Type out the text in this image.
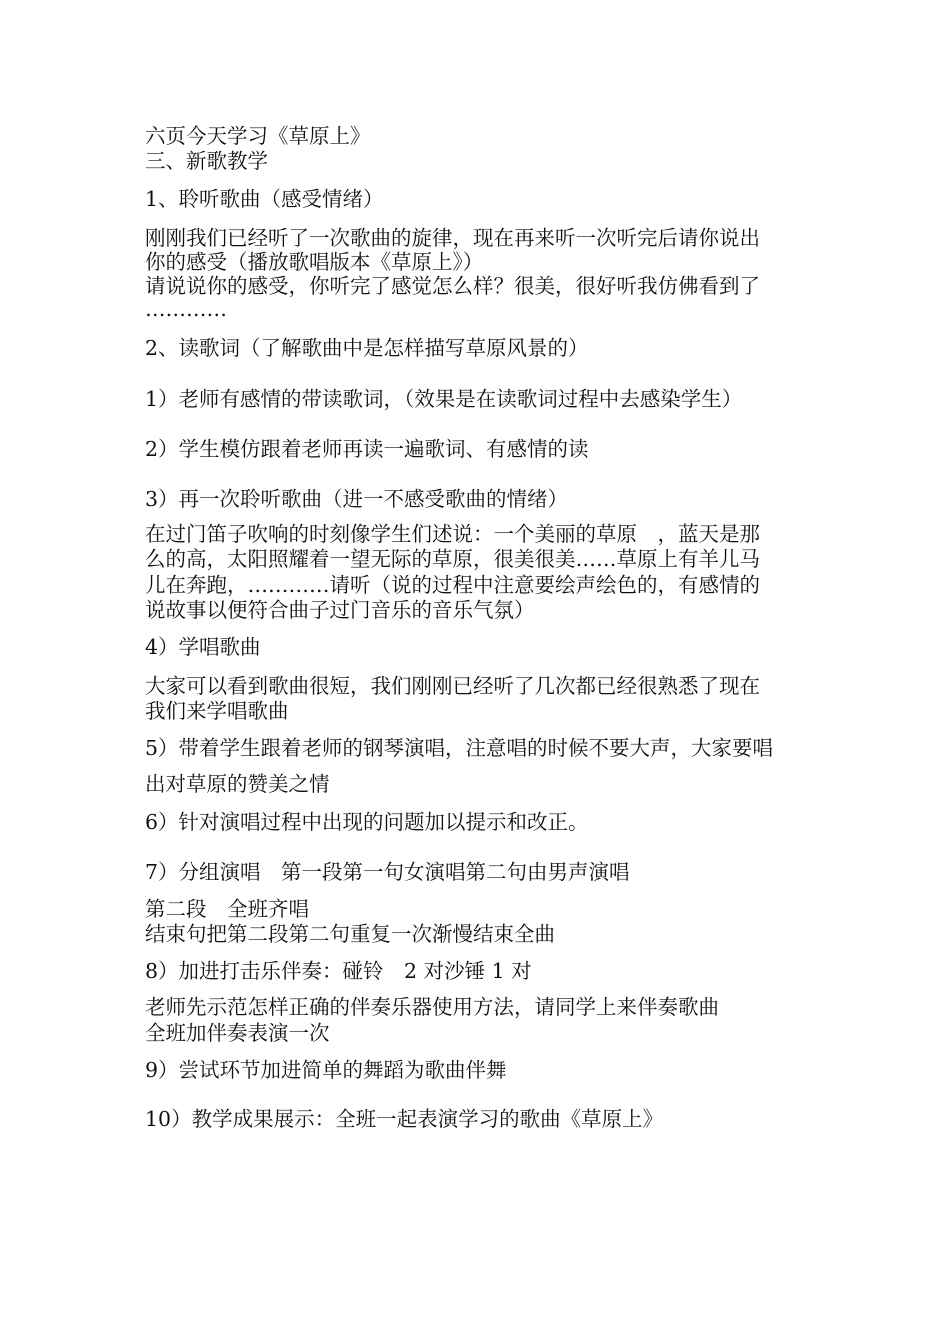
六页今天学习《草原上》
三、新歌教学
1、聆听歌曲（感受情绪）
刚刚我们已经听了一次歌曲的旋律，现在再来听一次听完后请你说出
你的感受（播放歌唱版本《草原上》）
请说说你的感受，你听完了感觉怎么样？很美，很好听我仿佛看到了
…………
2、读歌词（了解歌曲中是怎样描写草原风景的）
1）老师有感情的带读歌词，（效果是在读歌词过程中去感染学生）
2）学生模仿跟着老师再读一遍歌词、有感情的读
3）再一次聆听歌曲（进一不感受歌曲的情绪）
在过门笛子吹响的时刻像学生们述说：一个美丽的草原　，蓝天是那
么的高，太阳照耀着一望无际的草原，很美很美……草原上有羊儿马
儿在奔跑，…………请听（说的过程中注意要绘声绘色的，有感情的
说故事以便符合曲子过门音乐的音乐气氛）
4）学唱歌曲
大家可以看到歌曲很短，我们刚刚已经听了几次都已经很熟悉了现在
我们来学唱歌曲
5）带着学生跟着老师的钢琴演唱，注意唱的时候不要大声，大家要唱
出对草原的赞美之情
6）针对演唱过程中出现的问题加以提示和改正。
7）分组演唱　第一段第一句女演唱第二句由男声演唱
第二段　全班齐唱
结束句把第二段第二句重复一次渐慢结束全曲
8）加进打击乐伴奏：碰铃　2 对沙锤 1 对
老师先示范怎样正确的伴奏乐器使用方法，请同学上来伴奏歌曲
全班加伴奏表演一次
9）尝试环节加进简单的舞蹈为歌曲伴舞
10）教学成果展示：全班一起表演学习的歌曲《草原上》
